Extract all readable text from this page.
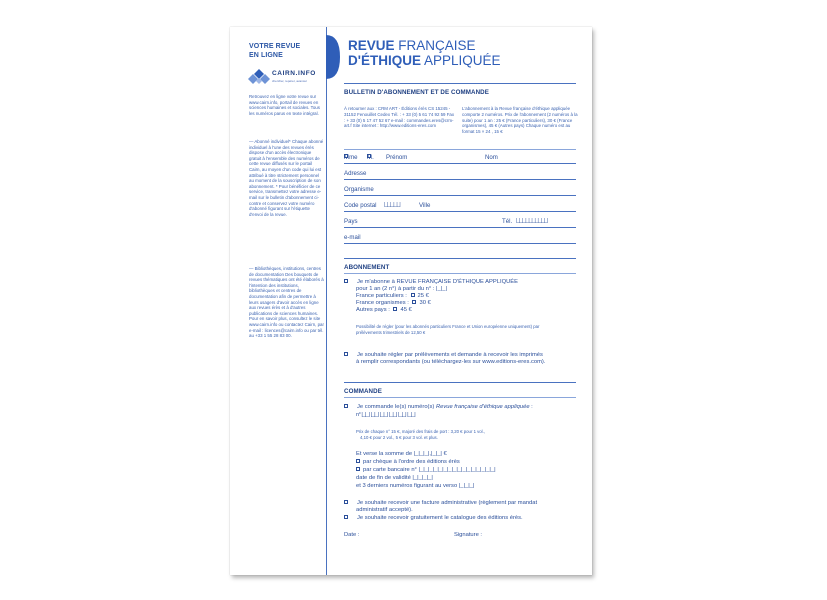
VOTRE REVUE
EN LIGNE
CAIRN.INFO
chercher, repérer, avancer
Retrouvez en ligne votre revue sur www.cairn.info, portail de revues en sciences humaines et sociales. Tous les numéros parus en texte intégral.
— Abonné individuel* Chaque abonné individuel à l'une des revues érès dispose d'un accès électronique gratuit à l'ensemble des numéros de cette revue diffusés sur le portail Cairn, au moyen d'un code qui lui est attribué à titre strictement personnel au moment de la souscription de son abonnement. * Pour bénéficier de ce service, transmettez votre adresse e-mail sur le bulletin d'abonnement ci-contre et conservez votre numéro d'abonné figurant sur l'étiquette d'envoi de la revue.
— Bibliothèques, institutions, centres de documentation Des bouquets de revues thématiques ont été élaborés à l'intention des institutions, bibliothèques et centres de documentation afin de permettre à leurs usagers d'avoir accès en ligne aux revues érès et à d'autres publications de sciences humaines. Pour en savoir plus, consultez le site www.cairn.info ou contactez Cairn, par e-mail : licences@cairn.info ou par tél. au +33 1 55 28 83 00.
REVUE FRANÇAISE
D'ÉTHIQUE APPLIQUÉE
BULLETIN D'ABONNEMENT ET DE COMMANDE
À retourner aux : CRM ART - Éditions érès CS 15245 - 31152 Fenouillet Cedex Tél. : + 33 (0) 5 61 74 92 59 Fax : + 33 (0) 5 17 47 52 67 e-mail : commandes.eres@crm-art.f Site internet : http://www.editions-eres.com
L'abonnement à la Revue française d'éthique appliquée comporte 2 numéros. Prix de l'abonnement (2 numéros à la suite) pour 1 an : 25 € (France particuliers), 30 € (France organismes), 45 € (Autres pays) Chaque numéro est au format 15 × 24 , 15 €
Mme M. Prénom	Nom
Adresse
Organisme
Code postal |_|_|_|_|_|	Ville
Pays	Tél. |_|_|_|_|_|_|_|_|_|_|
e-mail
ABONNEMENT
Je m'abonne à REVUE FRANÇAISE D'ÉTHIQUE APPLIQUÉE
pour 1 an (2 n°) à partir du n° : |_|_|
France particuliers : 25 €
France organismes : 30 €
Autres pays : 45 €
Possibilité de régler (pour les abonnés particuliers France et Union européenne uniquement) par prélèvements trimestriels de 12,50 €
Je souhaite régler par prélèvements et demande à recevoir les imprimés
à remplir correspondants (ou téléchargez-les sur www.editions-eres.com).
COMMANDE
Je commande le(s) numéro(s) Revue française d'éthique appliquée :
n° |_|_| |_|_| |_|_| |_|_| |_|_| |_|_|
Prix de chaque n° 15 €, majoré des frais de port : 3,20 € pour 1 vol.,
4,10 € pour 2 vol., 5 € pour 3 vol. et plus.
Et verse la somme de |_|_|_|,|_|_| €
par chèque à l'ordre des éditions érès
par carte bancaire n° |_|_|_|_|_|_|_|_|_|_|_|_|_|_|_|_|
date de fin de validité |_|_|_|_|
et 3 derniers numéros figurant au verso |_|_|_|
Je souhaite recevoir une facture administrative (règlement par mandat
administratif accepté).
Je souhaite recevoir gratuitement le catalogue des éditions érès.
Date :	Signature :
